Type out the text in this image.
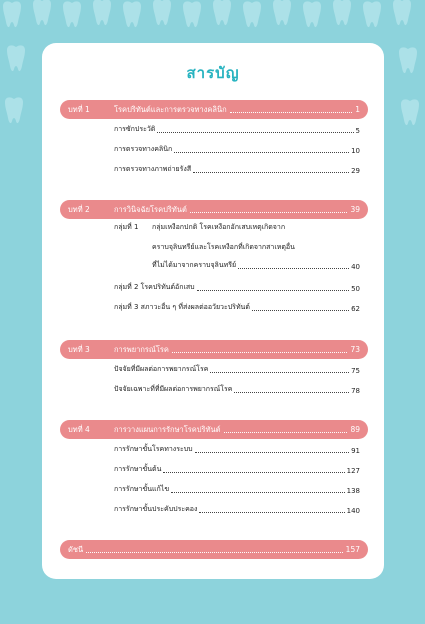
สารบัญ
บทที่ 1	โรคปริทันต์และการตรวจทางคลินิก	1
การซักประวัติ	5
การตรวจทางคลินิก	10
การตรวจทางภาพถ่ายรังสี	29
บทที่ 2	การวินิจฉัยโรคปริทันต์	39
กลุ่มที่ 1 กลุ่มเหงือกปกติ โรคเหงือกอักเสบเหตุเกิดจาก
คราบจุลินทรีย์และโรคเหงือกที่เกิดจากสาเหตุอื่น
ที่ไม่ได้มาจากคราบจุลินทรีย์	40
กลุ่มที่ 2 โรคปริทันต์อักเสบ	50
กลุ่มที่ 3 สภาวะอื่น ๆ ที่ส่งผลต่ออวัยวะปริทันต์	62
บทที่ 3	การพยากรณ์โรค	73
ปัจจัยที่มีผลต่อการพยากรณ์โรค	75
ปัจจัยเฉพาะที่ที่มีผลต่อการพยากรณ์โรค	78
บทที่ 4	การวางแผนการรักษาโรคปริทันต์	89
การรักษาขั้นโรคทางระบบ	91
การรักษาขั้นต้น	127
การรักษาขั้นแก้ไข	138
การรักษาขั้นประคับประคอง	140
ดัชนี	157
